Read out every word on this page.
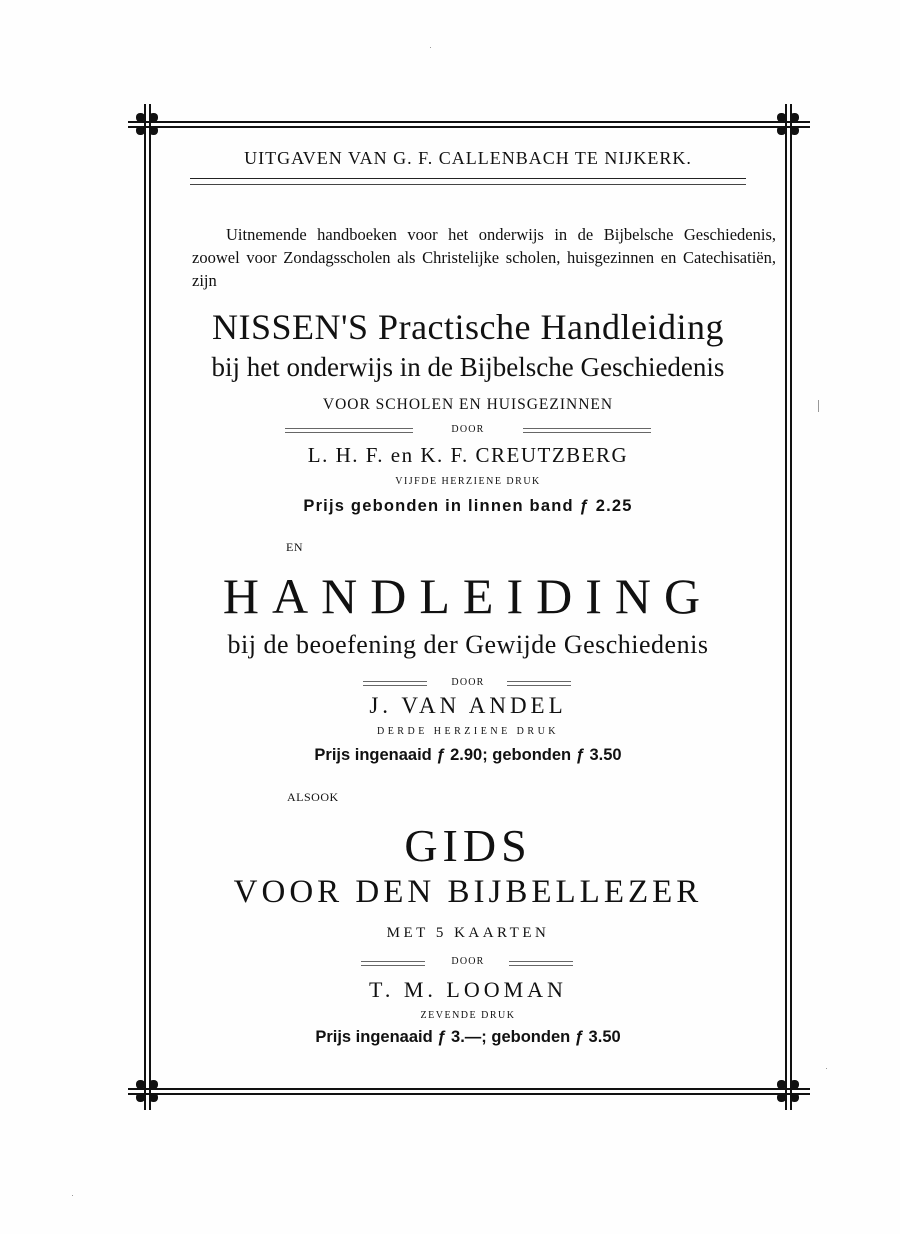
UITGAVEN VAN G. F. CALLENBACH TE NIJKERK.

Uitnemende handboeken voor het onderwijs in de Bijbelsche Geschiedenis, zoowel voor Zondagsscholen als Christelijke scholen, huisgezinnen en Catechisatiën, zijn

NISSEN'S Practische Handleiding
bij het onderwijs in de Bijbelsche Geschiedenis
VOOR SCHOLEN EN HUISGEZINNEN
DOOR
L. H. F. en K. F. CREUTZBERG
VIJFDE HERZIENE DRUK
Prijs gebonden in linnen band ƒ 2.25
EN
HANDLEIDING
bij de beoefening der Gewijde Geschiedenis
DOOR
J. VAN ANDEL
DERDE HERZIENE DRUK
Prijs ingenaaid ƒ 2.90; gebonden ƒ 3.50
ALSOOK
GIDS
VOOR DEN BIJBELLEZER
MET 5 KAARTEN
DOOR
T. M. LOOMAN
ZEVENDE DRUK
Prijs ingenaaid ƒ 3.—; gebonden ƒ 3.50
